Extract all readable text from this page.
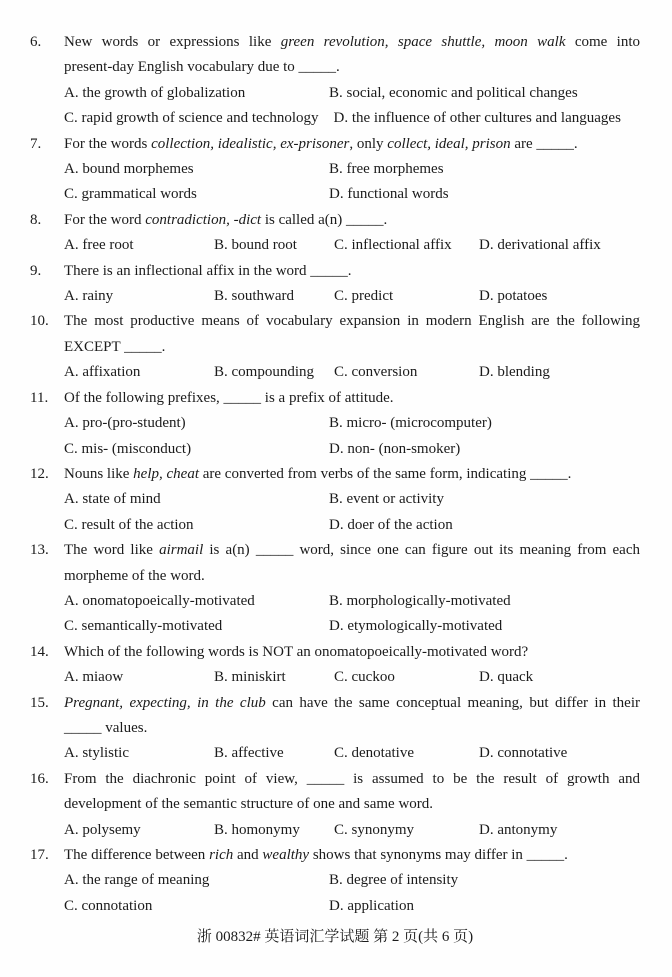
6.	New words or expressions like green revolution, space shuttle, moon walk come into
present-day English vocabulary due to _____.
A. the growth of globalization	B. social, economic and political changes
C. rapid growth of science and technology D. the influence of other cultures and languages
7.	For the words collection, idealistic, ex-prisoner, only collect, ideal, prison are _____.
A. bound morphemes	B. free morphemes
C. grammatical words	D. functional words
8.	For the word contradiction, -dict is called a(n) _____.
A. free root	B. bound root	C. inflectional affix	D. derivational affix
9.	There is an inflectional affix in the word _____.
A. rainy	B. southward	C. predict	D. potatoes
10.	The most productive means of vocabulary expansion in modern English are the following
EXCEPT _____.
A. affixation	B. compounding	C. conversion	D. blending
11.	Of the following prefixes, _____ is a prefix of attitude.
A. pro-(pro-student)	B. micro- (microcomputer)
C. mis- (misconduct)	D. non- (non-smoker)
12.	Nouns like help, cheat are converted from verbs of the same form, indicating _____.
A. state of mind	B. event or activity
C. result of the action	D. doer of the action
13.	The word like airmail is a(n) _____ word, since one can figure out its meaning from each
morpheme of the word.
A. onomatopoeically-motivated	B. morphologically-motivated
C. semantically-motivated	D. etymologically-motivated
14.	Which of the following words is NOT an onomatopoeically-motivated word?
A. miaow	B. miniskirt	C. cuckoo	D. quack
15.	Pregnant, expecting, in the club can have the same conceptual meaning, but differ in their
_____ values.
A. stylistic	B. affective	C. denotative	D. connotative
16.	From the diachronic point of view, _____ is assumed to be the result of growth and
development of the semantic structure of one and same word.
A. polysemy	B. homonymy	C. synonymy	D. antonymy
17.	The difference between rich and wealthy shows that synonyms may differ in _____.
A. the range of meaning	B. degree of intensity
C. connotation	D. application
浙 00832# 英语词汇学试题 第 2 页(共 6 页)
